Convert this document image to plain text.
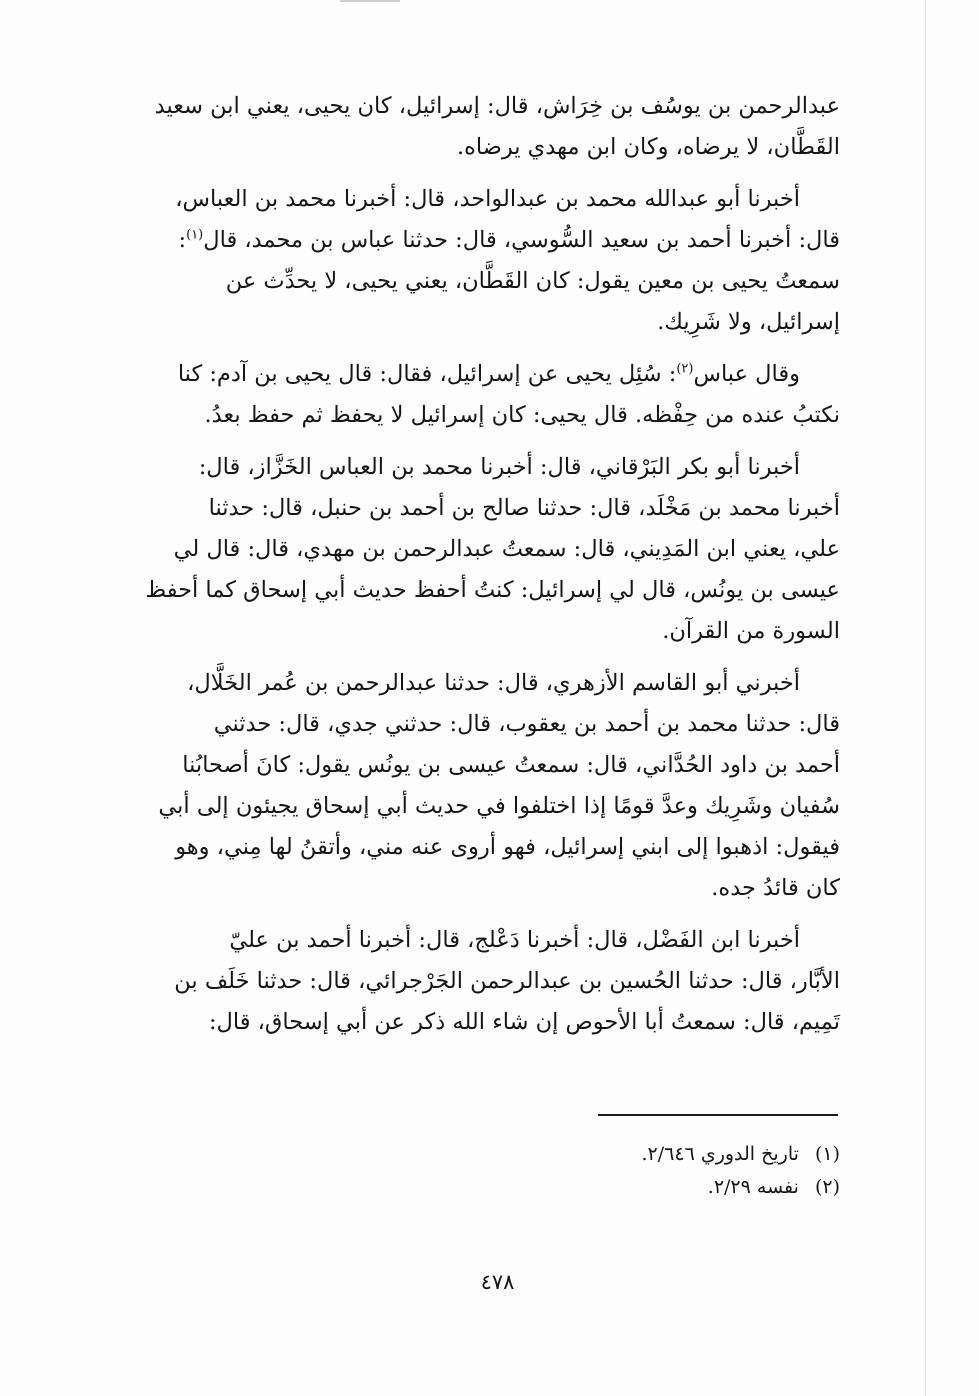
عبدالرحمن بن يوسُف بن خِرَاش، قال: إسرائيل، كان يحيى، يعني ابن سعيد
القَطَّان، لا يرضاه، وكان ابن مهدي يرضاه.

أخبرنا أبو عبدالله محمد بن عبدالواحد، قال: أخبرنا محمد بن العباس،
قال: أخبرنا أحمد بن سعيد السُّوسي، قال: حدثنا عباس بن محمد، قال$^{(١)}$:
سمعتُ يحيى بن معين يقول: كان القَطَّان، يعني يحيى، لا يحدِّث عن
إسرائيل، ولا شَرِيك.

وقال عباس$^{(٢)}$: سُئِل يحيى عن إسرائيل، فقال: قال يحيى بن آدم: كنا
نكتبُ عنده من حِفْظه. قال يحيى: كان إسرائيل لا يحفظ ثم حفظ بعدُ.

أخبرنا أبو بكر البَرْقاني، قال: أخبرنا محمد بن العباس الخَزَّاز، قال:
أخبرنا محمد بن مَخْلَد، قال: حدثنا صالح بن أحمد بن حنبل، قال: حدثنا
علي، يعني ابن المَدِيني، قال: سمعتُ عبدالرحمن بن مهدي، قال: قال لي
عيسى بن يونُس، قال لي إسرائيل: كنتُ أحفظ حديث أبي إسحاق كما أحفظ
السورة من القرآن.

أخبرني أبو القاسم الأزهري، قال: حدثنا عبدالرحمن بن عُمر الخَلَّال،
قال: حدثنا محمد بن أحمد بن يعقوب، قال: حدثني جدي، قال: حدثني
أحمد بن داود الحُدَّاني، قال: سمعتُ عيسى بن يونُس يقول: كانَ أصحابُنا
سُفيان وشَرِيك وعدَّ قومًا إذا اختلفوا في حديث أبي إسحاق يجيئون إلى أبي
فيقول: اذهبوا إلى ابني إسرائيل، فهو أروى عنه مني، وأتقنُ لها مِني، وهو
كان قائدُ جده.

أخبرنا ابن الفَضْل، قال: أخبرنا دَعْلج، قال: أخبرنا أحمد بن عليّ
الأبَّار، قال: حدثنا الحُسين بن عبدالرحمن الجَرْجرائي، قال: حدثنا خَلَف بن
تَمِيم، قال: سمعتُ أبا الأحوص إن شاء الله ذكر عن أبي إسحاق، قال:

(١)تاريخ الدوري ٢/٦٤٦.

(٢)نفسه ٢/٢٩.

٤٧٨
